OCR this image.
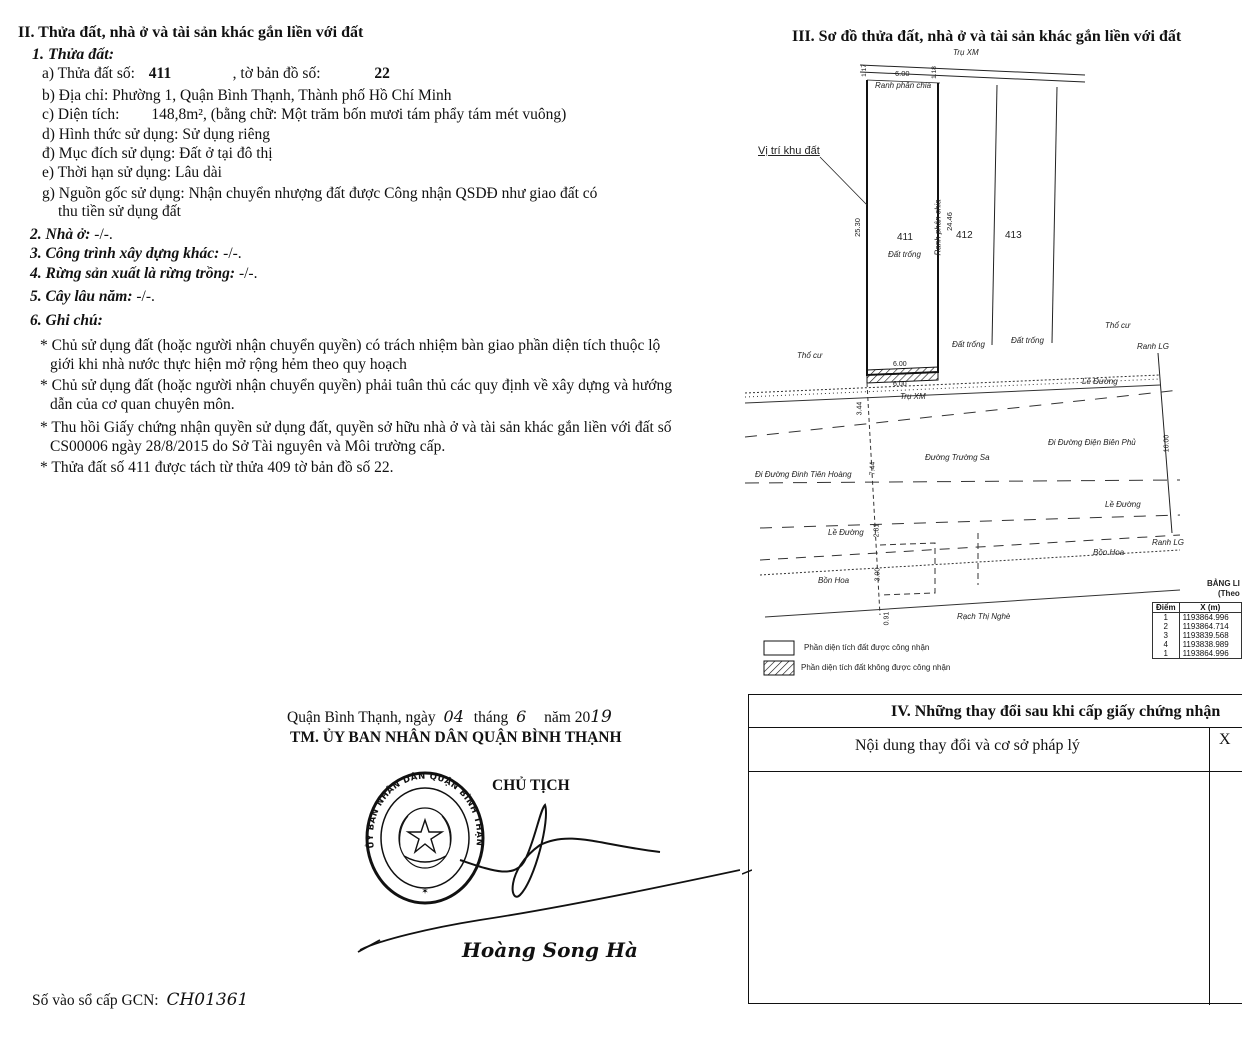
II. Thửa đất, nhà ở và tài sản khác gắn liền với đất
1. Thửa đất:
a) Thửa đất số: 411	, tờ bản đồ số:	22
b) Địa chỉ: Phường 1, Quận Bình Thạnh, Thành phố Hồ Chí Minh
c) Diện tích: 148,8m², (bằng chữ: Một trăm bốn mươi tám phẩy tám mét vuông)
d) Hình thức sử dụng: Sử dụng riêng
đ) Mục đích sử dụng: Đất ở tại đô thị
e) Thời hạn sử dụng: Lâu dài
g) Nguồn gốc sử dụng: Nhận chuyển nhượng đất được Công nhận QSDĐ như giao đất có
thu tiền sử dụng đất
2. Nhà ở: -/-.
3. Công trình xây dựng khác: -/-.
4. Rừng sản xuất là rừng trồng: -/-.
5. Cây lâu năm: -/-.
6. Ghi chú:
* Chủ sử dụng đất (hoặc người nhận chuyển quyền) có trách nhiệm bàn giao phần diện tích thuộc lộ giới khi nhà nước thực hiện mở rộng hẻm theo quy hoạch
* Chủ sử dụng đất (hoặc người nhận chuyển quyền) phải tuân thủ các quy định về xây dựng và hướng dẫn của cơ quan chuyên môn.
* Thu hồi Giấy chứng nhận quyền sử dụng đất, quyền sở hữu nhà ở và tài sản khác gắn liền với đất số CS00006 ngày 28/8/2015 do Sở Tài nguyên và Môi trường cấp.
* Thửa đất số 411 được tách từ thửa 409 tờ bản đồ số 22.
Quận Bình Thạnh, ngày 04 tháng 6 năm 2019
TM. ỦY BAN NHÂN DÂN QUẬN BÌNH THẠNH
CHỦ TỊCH
ỦY BAN NHÂN DÂN QUẬN BÌNH THẠN
✶
Hoàng Song Hà
Số vào sổ cấp GCN: CH01361
III. Sơ đồ thửa đất, nhà ở và tài sản khác gắn liền với đất
Trụ XM
Ranh phân chia
6.00
1.17	1.18
Vị trí khu đất
25.30	24.46
Ranh phân chia
411	412	413
Đất trống
Đất trống	Đất trống
Thổ cư
Thổ cư
Ranh LG
6.00
6.00
Trụ XM
Lề Đường
3.44
Đường Trường Sa
Đi Đường Điện Biên Phủ
Đi Đường Đinh Tiên Hoàng	7.44
16.00
Lề Đường
Lề Đường 2.81
Ranh LG
Bồn Hoa
Bồn Hoa	3.00
0.91	Rạch Thị Nghè
Phần diện tích đất được công nhận
Phần diện tích đất không được công nhận
BẢNG LI
(Theo
Điểm	X (m)
1	1193864.996
2	1193864.714
3	1193839.568
4	1193838.989
1	1193864.996
IV. Những thay đổi sau khi cấp giấy chứng nhận
Nội dung thay đổi và cơ sở pháp lý	X
